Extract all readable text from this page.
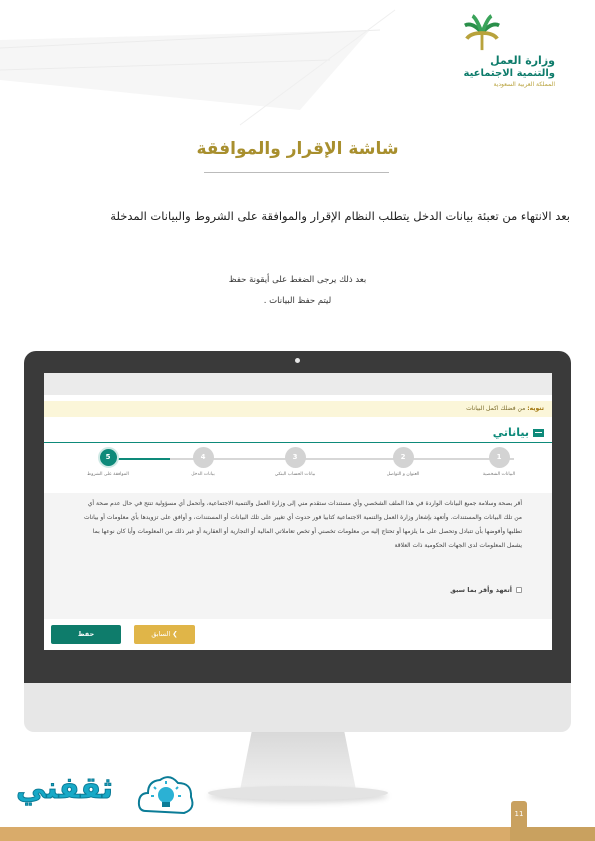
وزارة العمل
والتنمية الاجتماعية
المملكة العربية السعودية
شاشة الإقرار والموافقة
بعد الانتهاء من تعبئة بيانات الدخل يتطلب النظام الإقرار والموافقة على الشروط والبيانات المدخلة
بعد ذلك يرجى الضغط على أيقونة حفظ
ليتم حفظ البيانات .
تنويه: من فضلك اكمل البيانات
بياناتي
1
البيانات الشخصية
2
العنوان و التواصل
3
بيانات الحساب البنكي
4
بيانات الدخل
5
الموافقة على الشروط
أقر بصحة وسلامة جميع البيانات الواردة في هذا الملف الشخصي وأي مستندات ستقدم مني إلى وزارة العمل والتنمية الاجتماعية، وأتحمل أي مسؤولية تنتج في حال عدم صحة أي من تلك البيانات والمستندات. وأتعهد بإشعار وزارة العمل والتنمية الاجتماعية كتابيا فور حدوث أي تغيير على تلك البيانات أو المستندات، و أوافق على تزويدها بأي معلومات أو بيانات تطلبها وأفوضها بأن تتبادل وتحصل على ما يلزمها أو تحتاج إليه من معلومات تخصني أو تخص تعاملاتي المالية أو التجارية أو العقارية أو غير ذلك من المعلومات وأيا كان نوعها بما يشمل المعلومات لدى الجهات الحكومية ذات العلاقة
أتعهد وأقر بما سبق
❯ السابق
حفظ
ثقفني
11
